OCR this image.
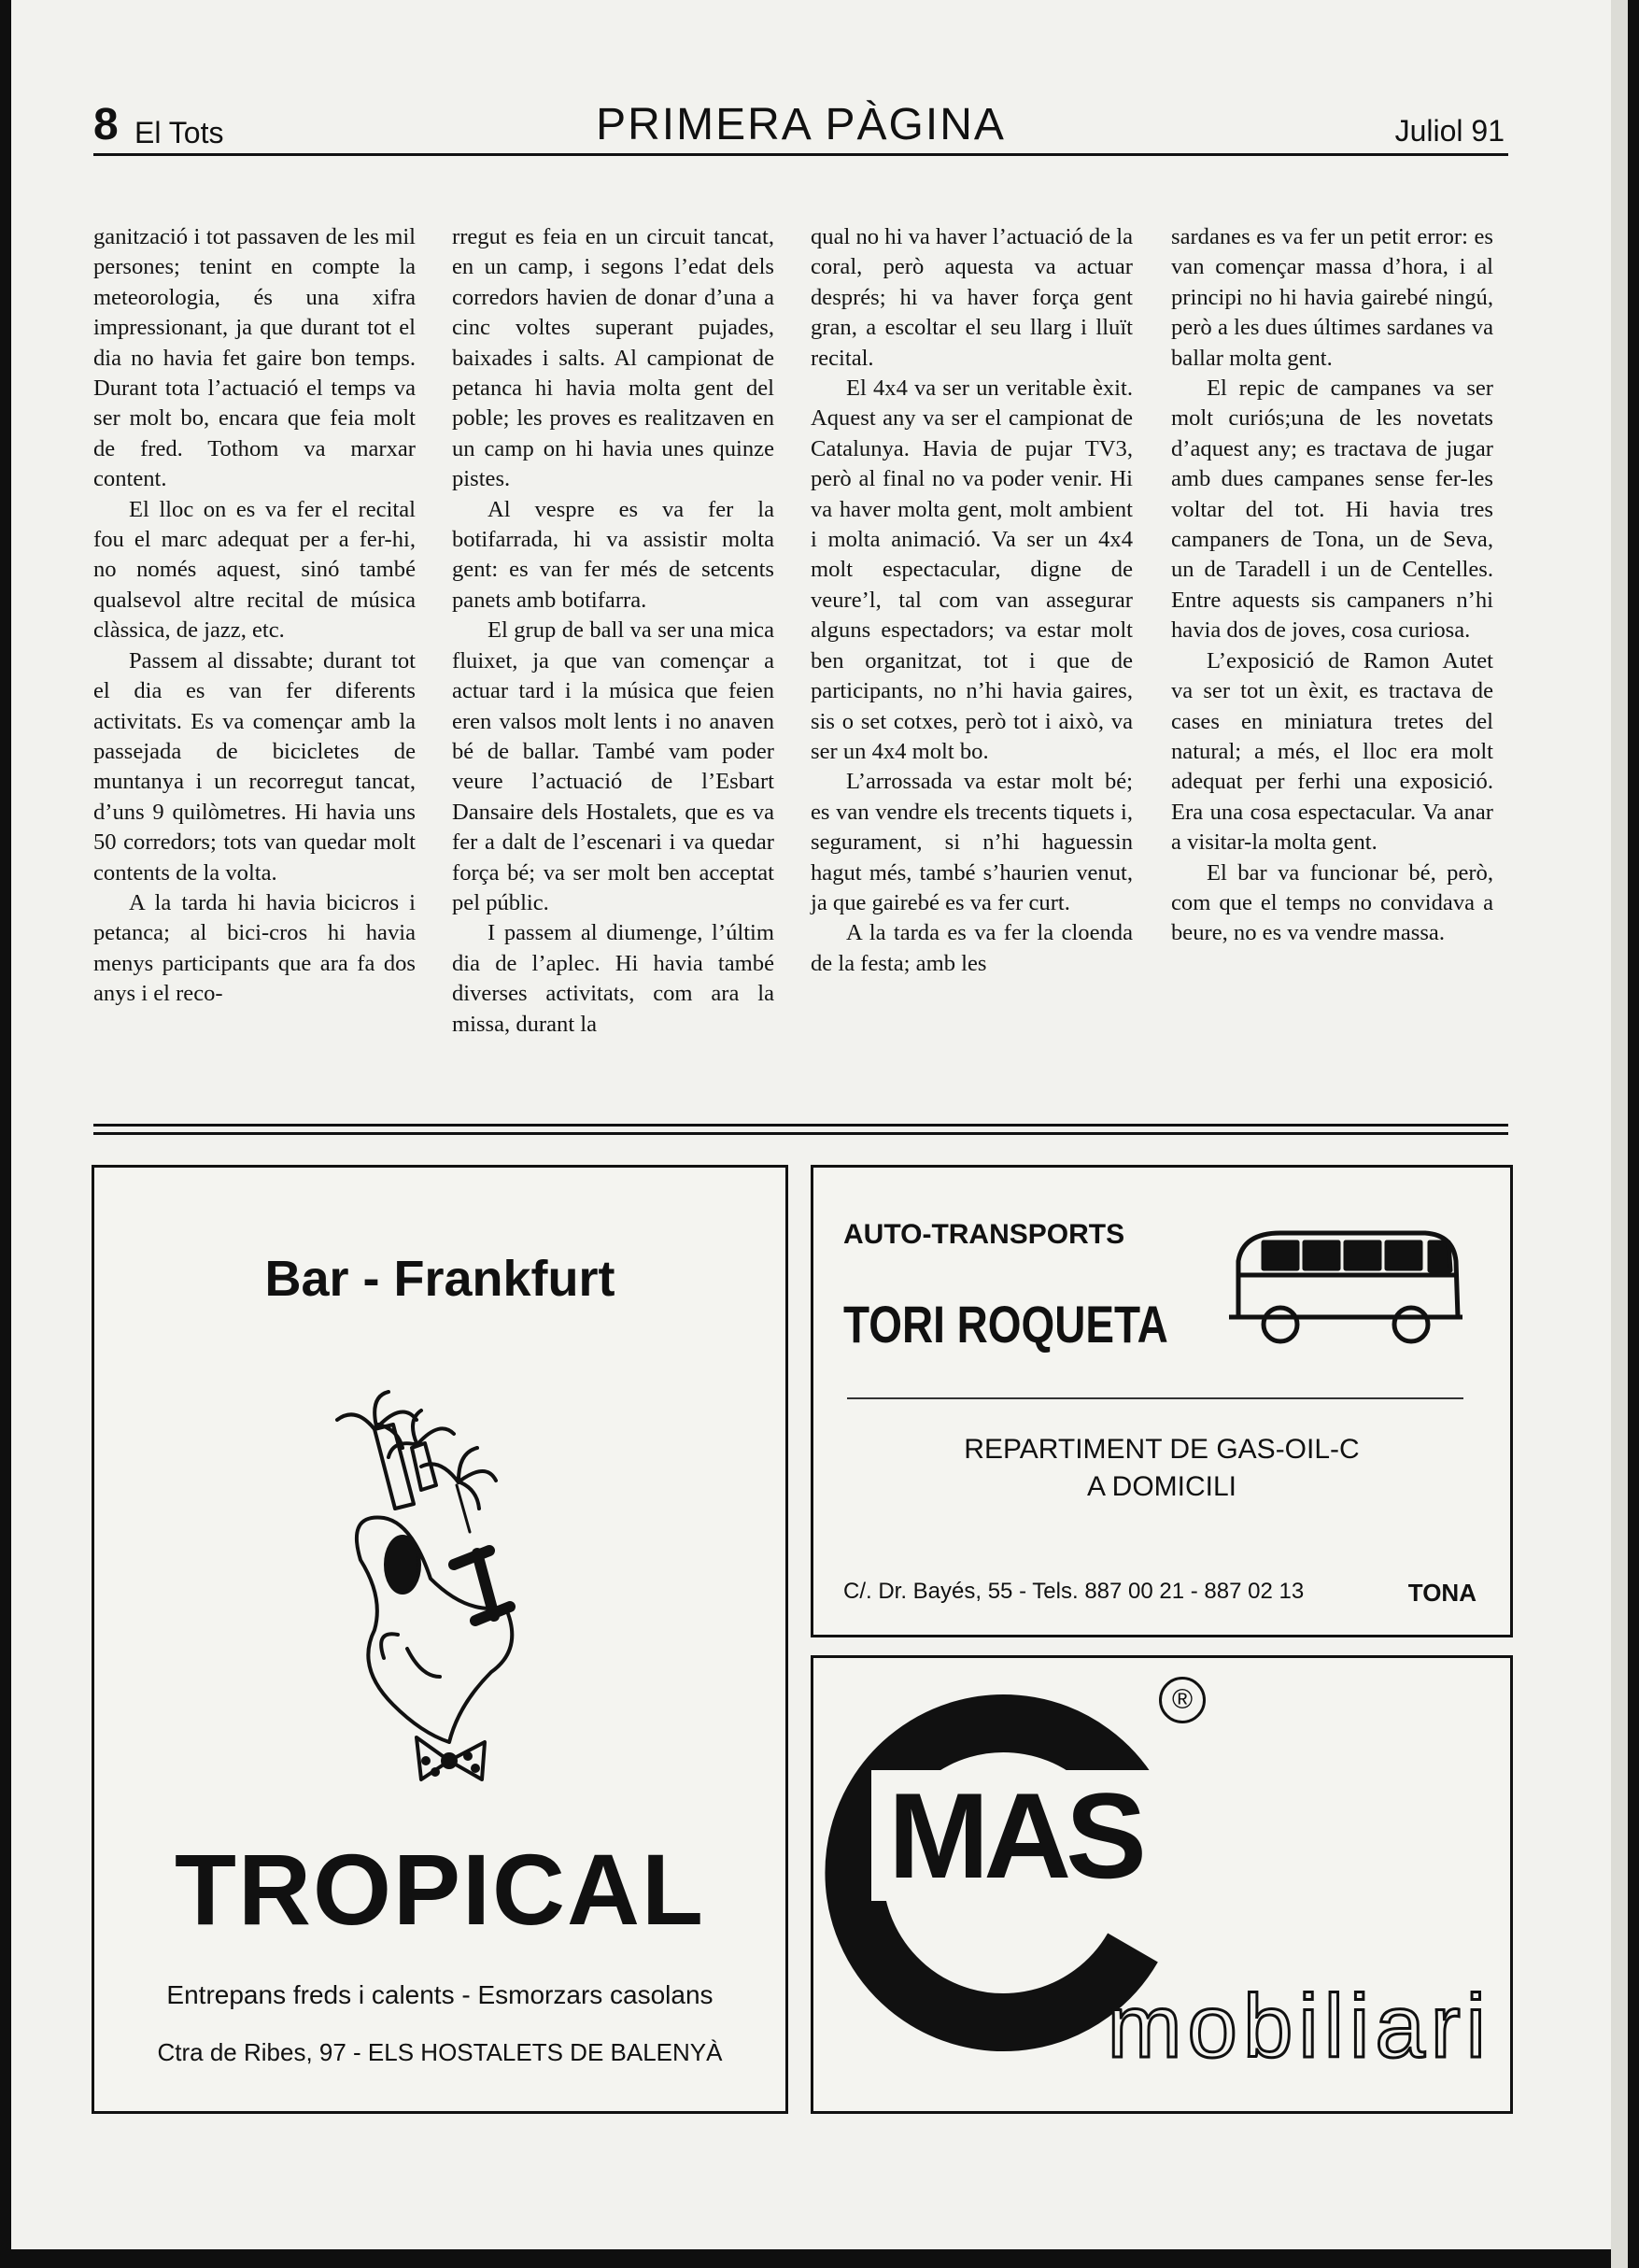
8 El Tots	PRIMERA PÀGINA	Juliol 91

ganització i tot passaven de les mil persones; tenint en compte la meteorologia, és una xifra impressionant, ja que durant tot el dia no havia fet gaire bon temps. Durant tota l’actuació el temps va ser molt bo, encara que feia molt de fred. Tothom va marxar content.

El lloc on es va fer el recital fou el marc adequat per a fer-hi, no només aquest, sinó també qualsevol altre recital de música clàssica, de jazz, etc.

Passem al dissabte; durant tot el dia es van fer diferents activitats. Es va començar amb la passejada de bicicletes de muntanya i un recorregut tancat, d’uns 9 quilòmetres. Hi havia uns 50 corredors; tots van quedar molt contents de la volta.

A la tarda hi havia bicicros i petanca; al bici-cros hi havia menys participants que ara fa dos anys i el reco-

rregut es feia en un circuit tancat, en un camp, i segons l’edat dels corredors havien de donar d’una a cinc voltes superant pujades, baixades i salts. Al campionat de petanca hi havia molta gent del poble; les proves es realitzaven en un camp on hi havia unes quinze pistes.

Al vespre es va fer la botifarrada, hi va assistir molta gent: es van fer més de setcents panets amb botifarra.

El grup de ball va ser una mica fluixet, ja que van començar a actuar tard i la música que feien eren valsos molt lents i no anaven bé de ballar. També vam poder veure l’actuació de l’Esbart Dansaire dels Hostalets, que es va fer a dalt de l’escenari i va quedar força bé; va ser molt ben acceptat pel públic.

I passem al diumenge, l’últim dia de l’aplec. Hi havia també diverses activitats, com ara la missa, durant la

qual no hi va haver l’actuació de la coral, però aquesta va actuar després; hi va haver força gent gran, a escoltar el seu llarg i lluït recital.

El 4x4 va ser un veritable èxit. Aquest any va ser el campionat de Catalunya. Havia de pujar TV3, però al final no va poder venir. Hi va haver molta gent, molt ambient i molta animació. Va ser un 4x4 molt espectacular, digne de veure’l, tal com van assegurar alguns espectadors; va estar molt ben organitzat, tot i que de participants, no n’hi havia gaires, sis o set cotxes, però tot i això, va ser un 4x4 molt bo.

L’arrossada va estar molt bé; es van vendre els trecents tiquets i, segurament, si n’hi haguessin hagut més, també s’haurien venut, ja que gairebé es va fer curt.

A la tarda es va fer la cloenda de la festa; amb les

sardanes es va fer un petit error: es van començar massa d’hora, i al principi no hi havia gairebé ningú, però a les dues últimes sardanes va ballar molta gent.

El repic de campanes va ser molt curiós;una de les novetats d’aquest any; es tractava de jugar amb dues campanes sense fer-les voltar del tot. Hi havia tres campaners de Tona, un de Seva, un de Taradell i un de Centelles. Entre aquests sis campaners n’hi havia dos de joves, cosa curiosa.

L’exposició de Ramon Autet va ser tot un èxit, es tractava de cases en miniatura tretes del natural; a més, el lloc era molt adequat per ferhi una exposició. Era una cosa espectacular. Va anar a visitar-la molta gent.

El bar va funcionar bé, però, com que el temps no convidava a beure, no es va vendre massa.

Bar - Frankfurt
TROPICAL
Entrepans freds i calents - Esmorzars casolans
Ctra de Ribes, 97 - ELS HOSTALETS DE BALENYÀ
AUTO-TRANSPORTS
TORI ROQUETA
REPARTIMENT DE GAS-OIL-C
A DOMICILI
C/. Dr. Bayés, 55 - Tels. 887 00 21 - 887 02 13	TONA
MAS
®
mobiliari
